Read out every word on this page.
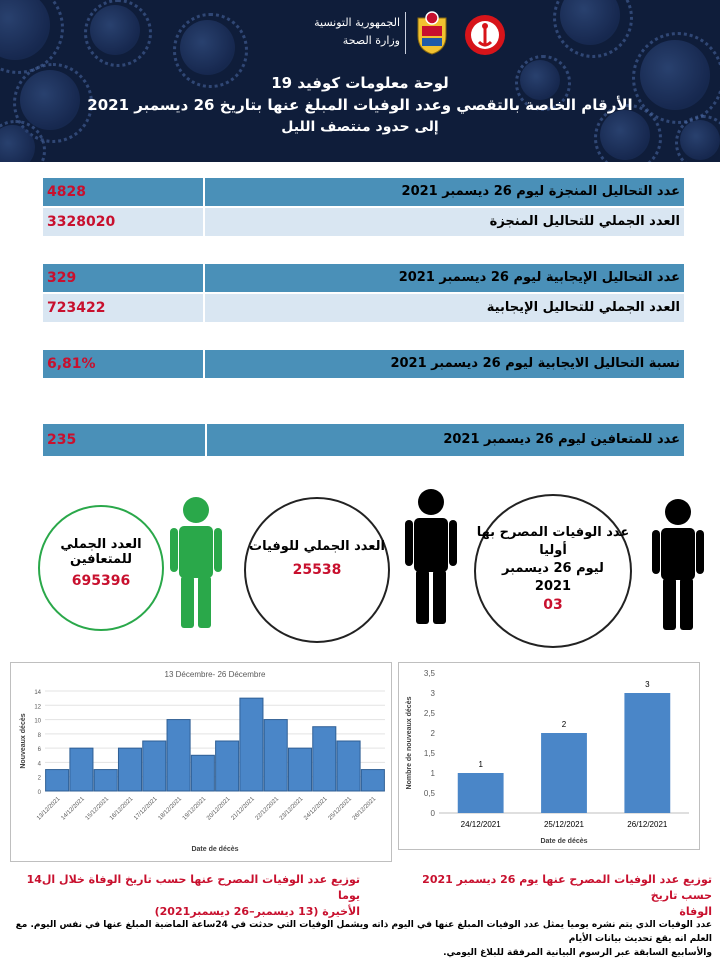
الجمهورية التونسية
وزارة الصحة
لوحة معلومات كوفيد 19
الأرقام الخاصة بالتقصي وعدد الوفيات المبلغ عنها بتاريخ 26 ديسمبر 2021
إلى حدود منتصف الليل
4828	عدد التحاليل المنجزة ليوم 26 ديسمبر 2021
3328020	العدد الجملي للتحاليل المنجزة
329	عدد التحاليل الإيجابية ليوم 26 ديسمبر 2021
723422	العدد الجملي للتحاليل الإيجابية
6,81%	نسبة التحاليل الايجابية ليوم 26 ديسمبر 2021
235	عدد للمتعافين ليوم 26 ديسمبر 2021
العدد الجملي للمتعافين
695396
العدد الجملي للوفيات
25538
عدد الوفيات المصرح بها
أوليا
ليوم 26 ديسمبر
2021
03
13 Décembre- 26 Décembre
0
2
4
6
8
10
12
14
13/12/2021
14/12/2021
15/12/2021
16/12/2021
17/12/2021
18/12/2021
19/12/2021
20/12/2021
21/12/2021
22/12/2021
23/12/2021
24/12/2021
25/12/2021
26/12/2021
Date de décès
Nouveaux décès
0
0,5
1
1,5
2
2,5
3
3,5
1
24/12/2021
2
25/12/2021
3
26/12/2021
Date de décès
Nombre de nouveaux décès
توزيع عدد الوفيات المصرح عنها حسب تاريخ الوفاة خلال ال14 يوما
الأخيرة (13 ديسمبر–26 ديسمبر2021)
توزيع عدد الوفيات المصرح عنها يوم 26 ديسمبر 2021 حسب تاريخ
الوفاة
عدد الوفيات الذي يتم نشره يوميا يمثل عدد الوفيات المبلغ عنها في اليوم ذاته ويشمل الوفيات التي حدثت في 24ساعة الماضية المبلغ عنها في نفس اليوم. مع العلم انه يقع تحديث بيانات الأيام
والأسابيع السابقة عبر الرسوم البيانية المرفقة للبلاغ اليومي.
